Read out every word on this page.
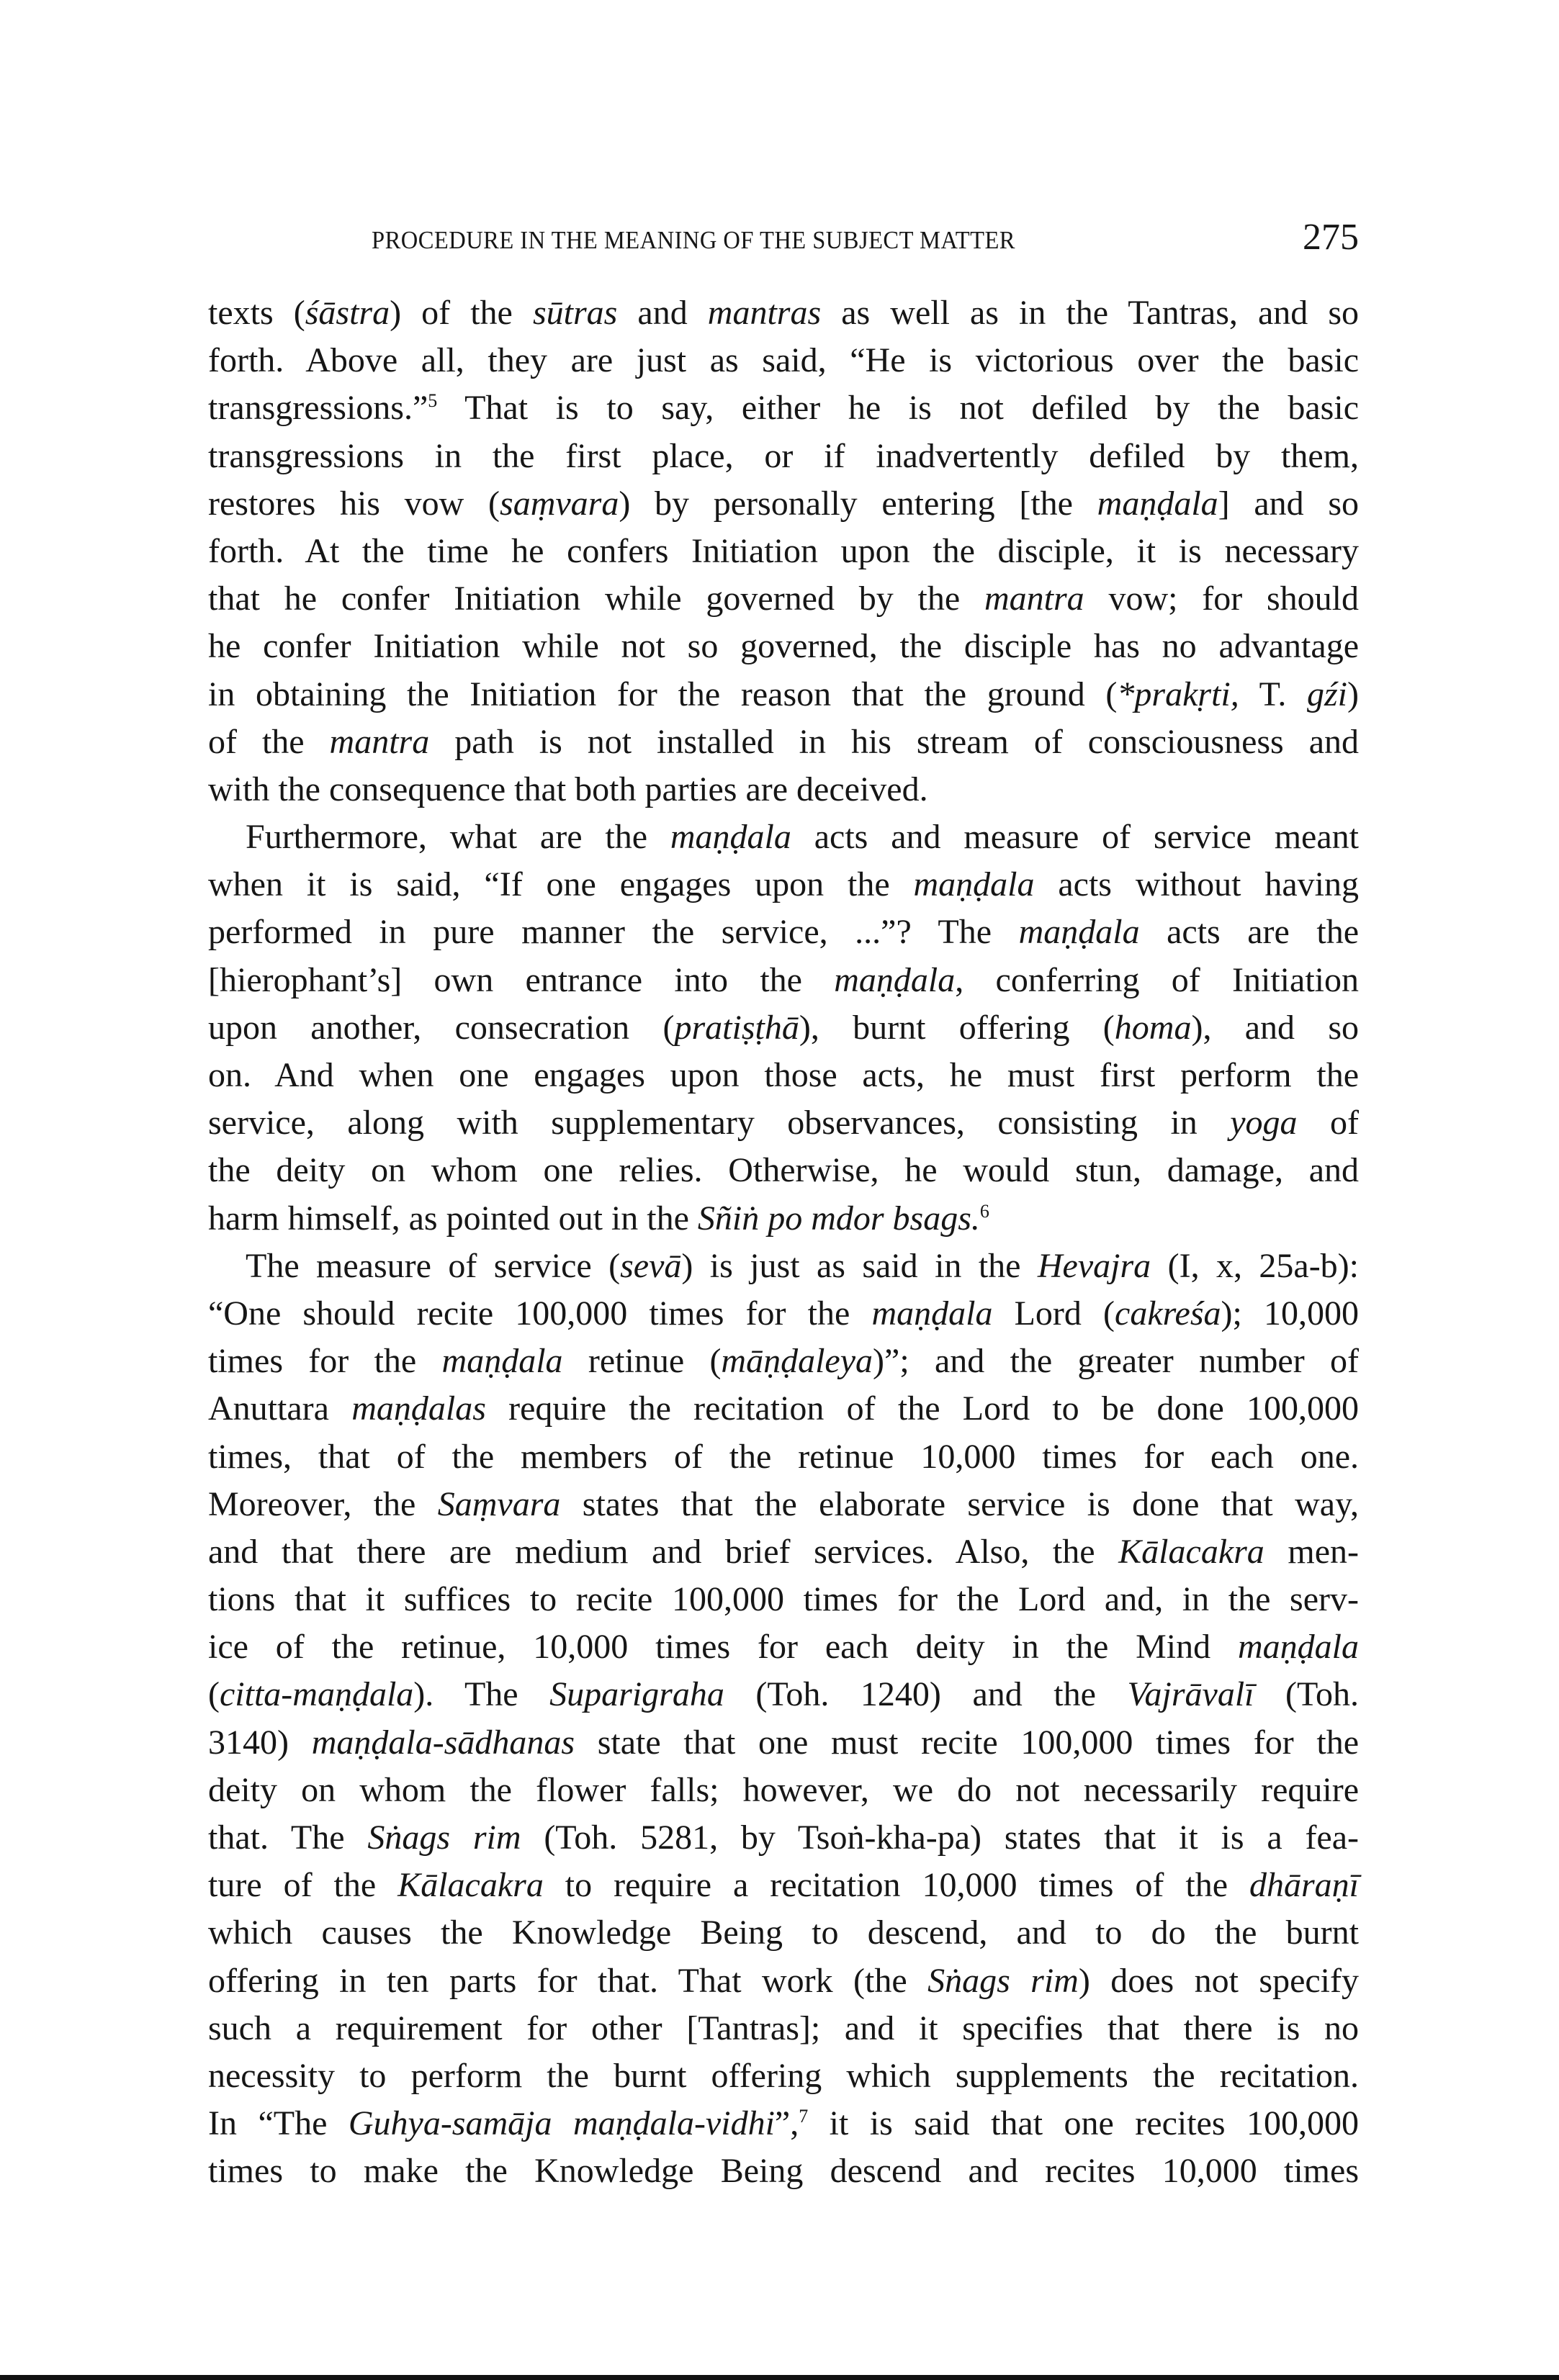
PROCEDURE IN THE MEANING OF THE SUBJECT MATTER	275
texts (śāstra) of the sūtras and mantras as well as in the Tantras, and so
forth. Above all, they are just as said, “He is victorious over the basic
transgressions.”$^5$ That is to say, either he is not defiled by the basic
transgressions in the first place, or if inadvertently defiled by them,
restores his vow (saṃvara) by personally entering [the maṇḍala] and so
forth. At the time he confers Initiation upon the disciple, it is necessary
that he confer Initiation while governed by the mantra vow; for should
he confer Initiation while not so governed, the disciple has no advantage
in obtaining the Initiation for the reason that the ground (*prakṛti, T. gźi)
of the mantra path is not installed in his stream of consciousness and
with the consequence that both parties are deceived.
Furthermore, what are the maṇḍala acts and measure of service meant
when it is said, “If one engages upon the maṇḍala acts without having
performed in pure manner the service, ...”? The maṇḍala acts are the
[hierophant’s] own entrance into the maṇḍala, conferring of Initiation
upon another, consecration (pratiṣṭhā), burnt offering (homa), and so
on. And when one engages upon those acts, he must first perform the
service, along with supplementary observances, consisting in yoga of
the deity on whom one relies. Otherwise, he would stun, damage, and
harm himself, as pointed out in the Sñiṅ po mdor bsags.$^6$
The measure of service (sevā) is just as said in the Hevajra (I, x, 25a-b):
“One should recite 100,000 times for the maṇḍala Lord (cakreśa); 10,000
times for the maṇḍala retinue (māṇḍaleya)”; and the greater number of
Anuttara maṇḍalas require the recitation of the Lord to be done 100,000
times, that of the members of the retinue 10,000 times for each one.
Moreover, the Saṃvara states that the elaborate service is done that way,
and that there are medium and brief services. Also, the Kālacakra men-
tions that it suffices to recite 100,000 times for the Lord and, in the serv-
ice of the retinue, 10,000 times for each deity in the Mind maṇḍala
(citta-maṇḍala). The Suparigraha (Toh. 1240) and the Vajrāvalī (Toh.
3140) maṇḍala-sādhanas state that one must recite 100,000 times for the
deity on whom the flower falls; however, we do not necessarily require
that. The Sṅags rim (Toh. 5281, by Tsoṅ-kha-pa) states that it is a fea-
ture of the Kālacakra to require a recitation 10,000 times of the dhāraṇī
which causes the Knowledge Being to descend, and to do the burnt
offering in ten parts for that. That work (the Sṅags rim) does not specify
such a requirement for other [Tantras]; and it specifies that there is no
necessity to perform the burnt offering which supplements the recitation.
In “The Guhya-samāja maṇḍala-vidhi”,$^7$ it is said that one recites 100,000
times to make the Knowledge Being descend and recites 10,000 times
